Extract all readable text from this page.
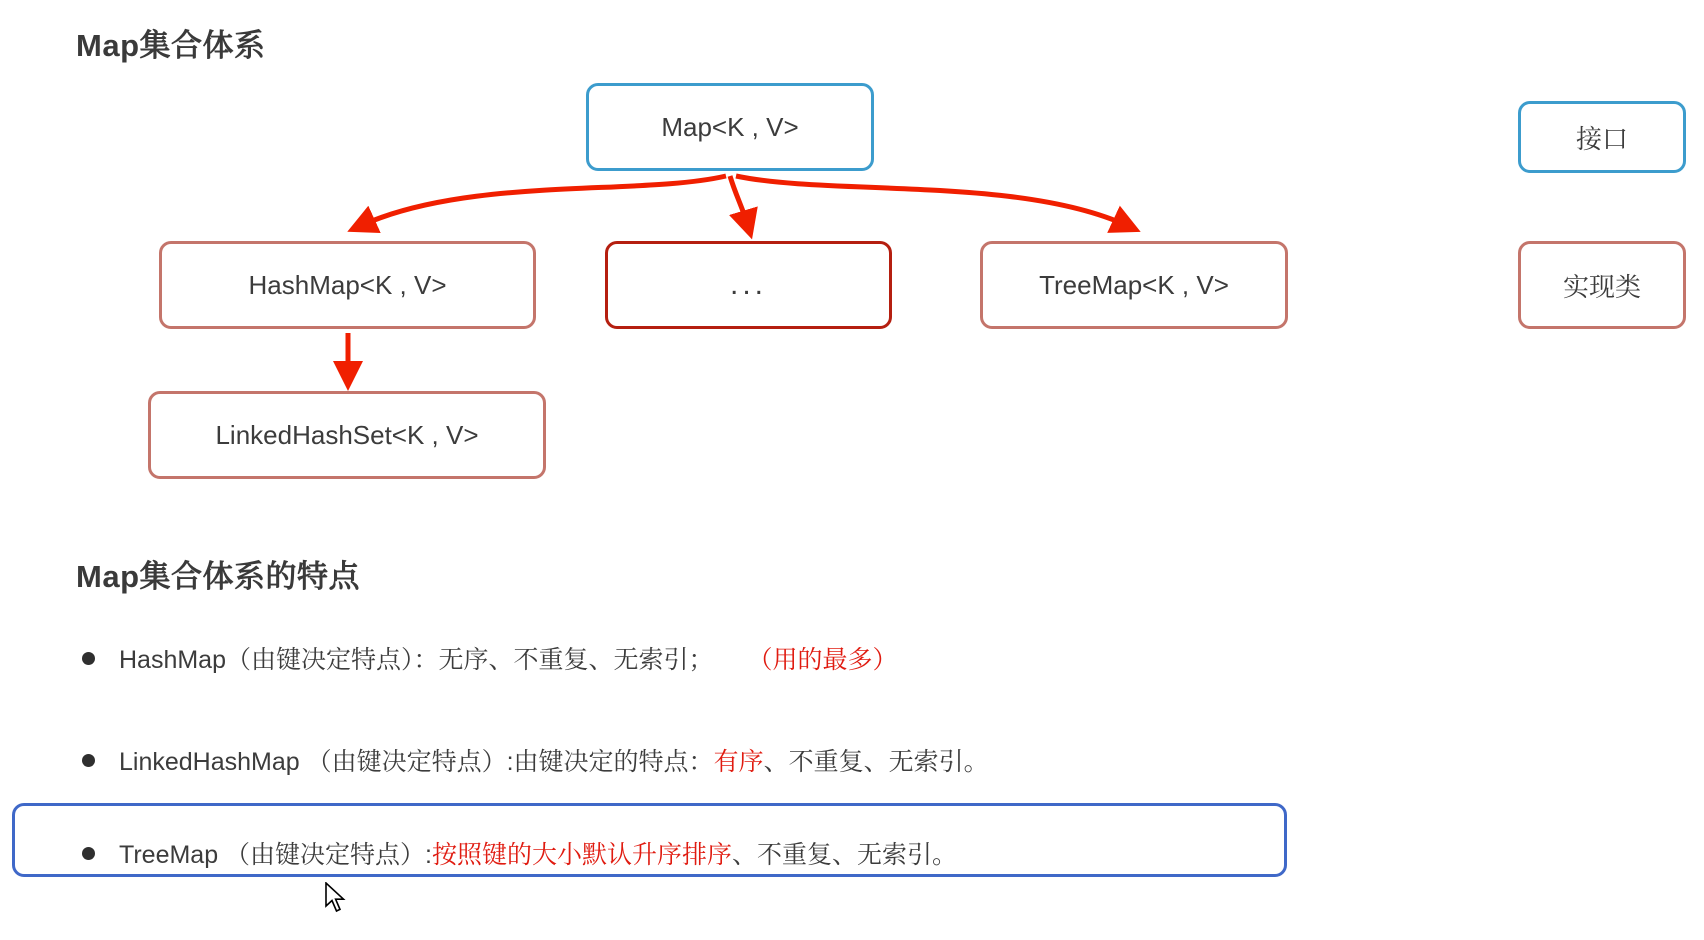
Map集合体系
Map集合体系的特点
Map<K , V>
HashMap<K , V>	...	TreeMap<K , V>
LinkedHashSet<K , V>
接口
实现类
HashMap（由键决定特点）：无序、不重复、无索引； （用的最多）
LinkedHashMap （由键决定特点）:由键决定的特点： 有序 、不重复、无索引。
TreeMap （由键决定特点）: 按照键的大小默认升序排序 、不重复、无索引。
